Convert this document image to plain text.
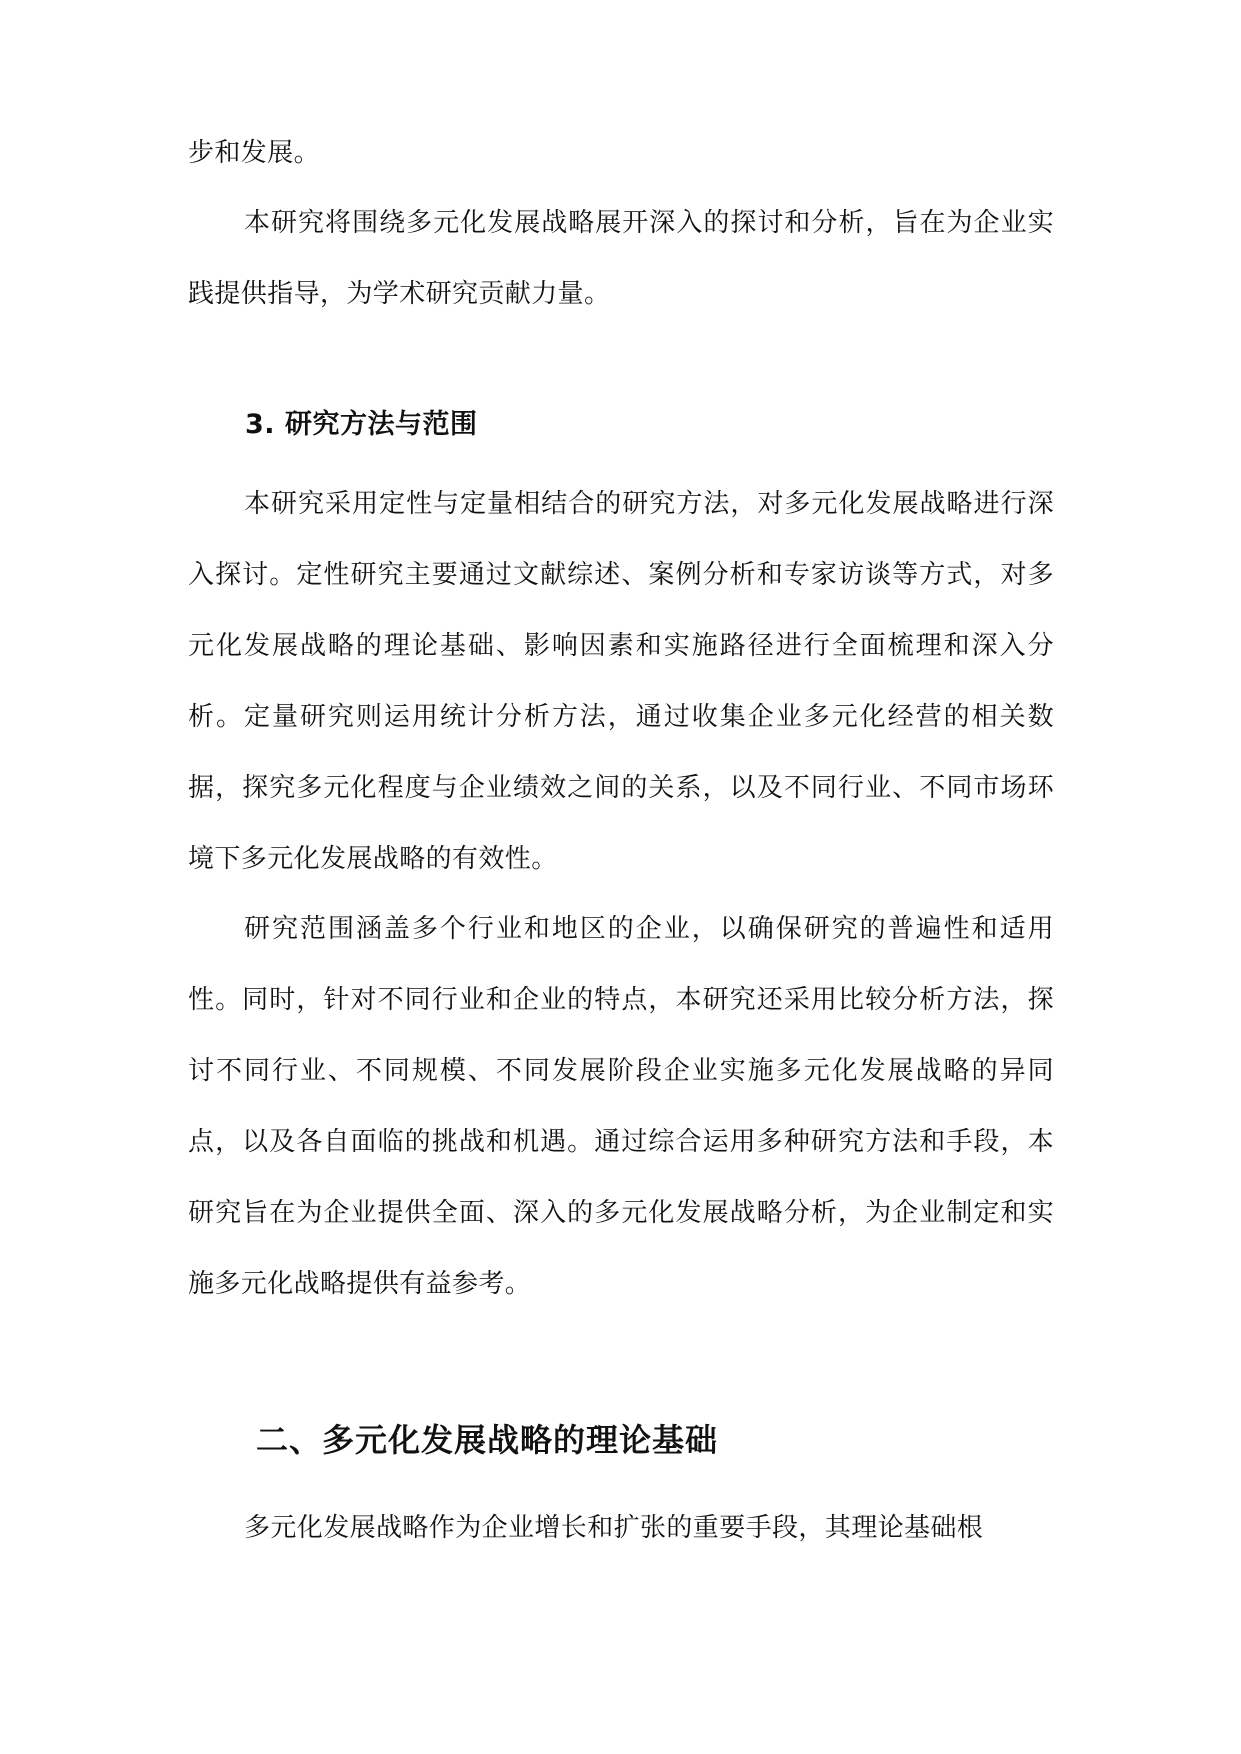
步和发展。

本研究将围绕多元化发展战略展开深入的探讨和分析，旨在为企业实践提供指导，为学术研究贡献力量。

3. 研究方法与范围

本研究采用定性与定量相结合的研究方法，对多元化发展战略进行深入探讨。定性研究主要通过文献综述、案例分析和专家访谈等方式，对多元化发展战略的理论基础、影响因素和实施路径进行全面梳理和深入分析。定量研究则运用统计分析方法，通过收集企业多元化经营的相关数据，探究多元化程度与企业绩效之间的关系，以及不同行业、不同市场环境下多元化发展战略的有效性。

研究范围涵盖多个行业和地区的企业，以确保研究的普遍性和适用性。同时，针对不同行业和企业的特点，本研究还采用比较分析方法，探讨不同行业、不同规模、不同发展阶段企业实施多元化发展战略的异同点，以及各自面临的挑战和机遇。通过综合运用多种研究方法和手段，本研究旨在为企业提供全面、深入的多元化发展战略分析，为企业制定和实施多元化战略提供有益参考。

二、多元化发展战略的理论基础

多元化发展战略作为企业增长和扩张的重要手段，其理论基础根
